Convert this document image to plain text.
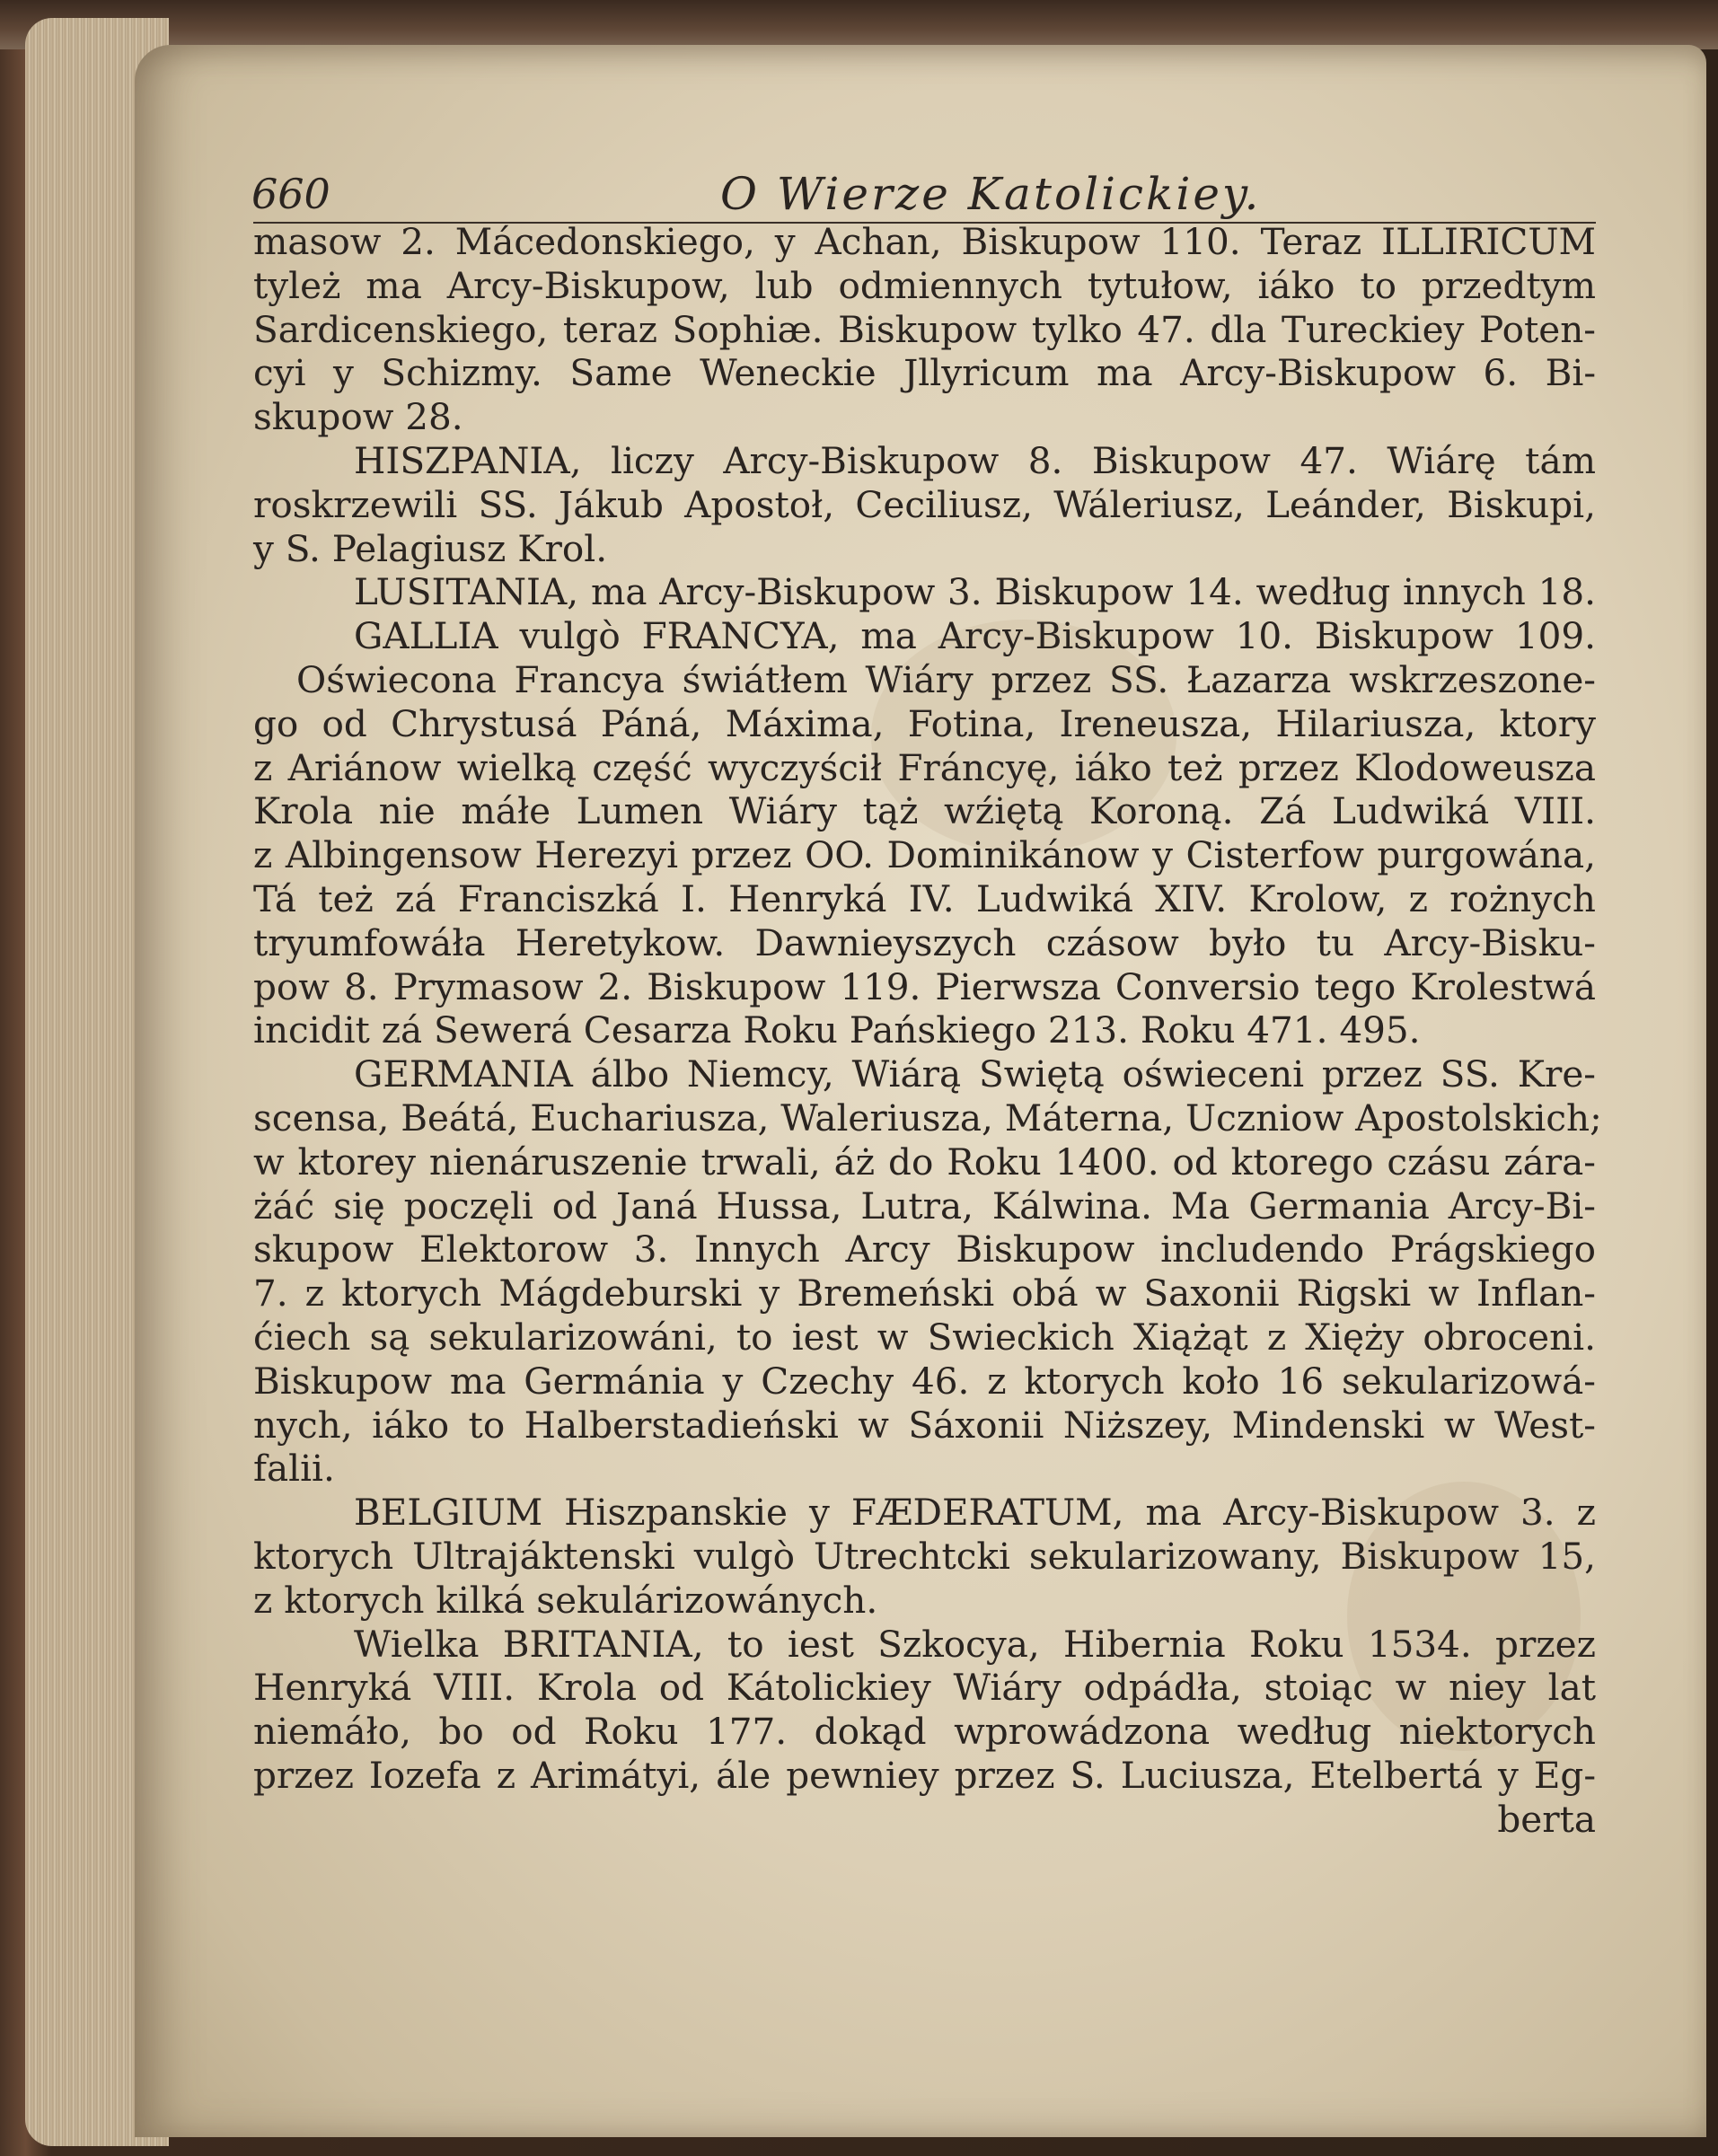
660	O Wierze Katolickiey.
masow 2. Mácedonskiego, y Achan, Biskupow 110. Teraz ILLIRICUM
tyleż ma Arcy-Biskupow, lub odmiennych tytułow, iáko to przedtym
Sardicenskiego, teraz Sophiæ. Biskupow tylko 47. dla Tureckiey Poten-
cyi y Schizmy. Same Weneckie Jllyricum ma Arcy-Biskupow 6. Bi-
skupow 28.
HISZPANIA, liczy Arcy-Biskupow 8. Biskupow 47. Wiárę tám
roskrzewili SS. Jákub Apostoł, Ceciliusz, Wáleriusz, Leánder, Biskupi,
y S. Pelagiusz Krol.
LUSITANIA, ma Arcy-Biskupow 3. Biskupow 14. według innych 18.
GALLIA vulgò FRANCYA, ma Arcy-Biskupow 10. Biskupow 109.
Oświecona Francya świátłem Wiáry przez SS. Łazarza wskrzeszone-
go od Chrystusá Páná, Máxima, Fotina, Ireneusza, Hilariusza, ktory
z Ariánow wielką część wyczyścił Fráncyę, iáko też przez Klodoweusza
Krola nie máłe Lumen Wiáry tąż wźiętą Koroną. Zá Ludwiká VIII.
z Albingensow Herezyi przez OO. Dominikánow y Cisterfow purgowána,
Tá też zá Franciszká I. Henryká IV. Ludwiká XIV. Krolow, z rożnych
tryumfowáła Heretykow. Dawnieyszych czásow było tu Arcy-Bisku-
pow 8. Prymasow 2. Biskupow 119. Pierwsza Conversio tego Krolestwá
incidit zá Sewerá Cesarza Roku Pańskiego 213. Roku 471. 495.
GERMANIA álbo Niemcy, Wiárą Swiętą oświeceni przez SS. Kre-
scensa, Beátá, Euchariusza, Waleriusza, Máterna, Uczniow Apostolskich;
w ktorey nienáruszenie trwali, áż do Roku 1400. od ktorego czásu zára-
żáć się poczęli od Janá Hussa, Lutra, Kálwina. Ma Germania Arcy-Bi-
skupow Elektorow 3. Innych Arcy Biskupow includendo Prágskiego
7. z ktorych Mágdeburski y Bremeński obá w Saxonii Rigski w Inflan-
ćiech są sekularizowáni, to iest w Swieckich Xiążąt z Xięży obroceni.
Biskupow ma Germánia y Czechy 46. z ktorych koło 16 sekularizowá-
nych, iáko to Halberstadieński w Sáxonii Niższey, Mindenski w West-
falii.
BELGIUM Hiszpanskie y FÆDERATUM, ma Arcy-Biskupow 3. z
ktorych Ultrajáktenski vulgò Utrechtcki sekularizowany, Biskupow 15,
z ktorych kilká sekulárizowánych.
Wielka BRITANIA, to iest Szkocya, Hibernia Roku 1534. przez
Henryká VIII. Krola od Kátolickiey Wiáry odpádła, stoiąc w niey lat
niemáło, bo od Roku 177. dokąd wprowádzona według niektorych
przez Iozefa z Arimátyi, ále pewniey przez S. Luciusza, Etelbertá y Eg-
berta
